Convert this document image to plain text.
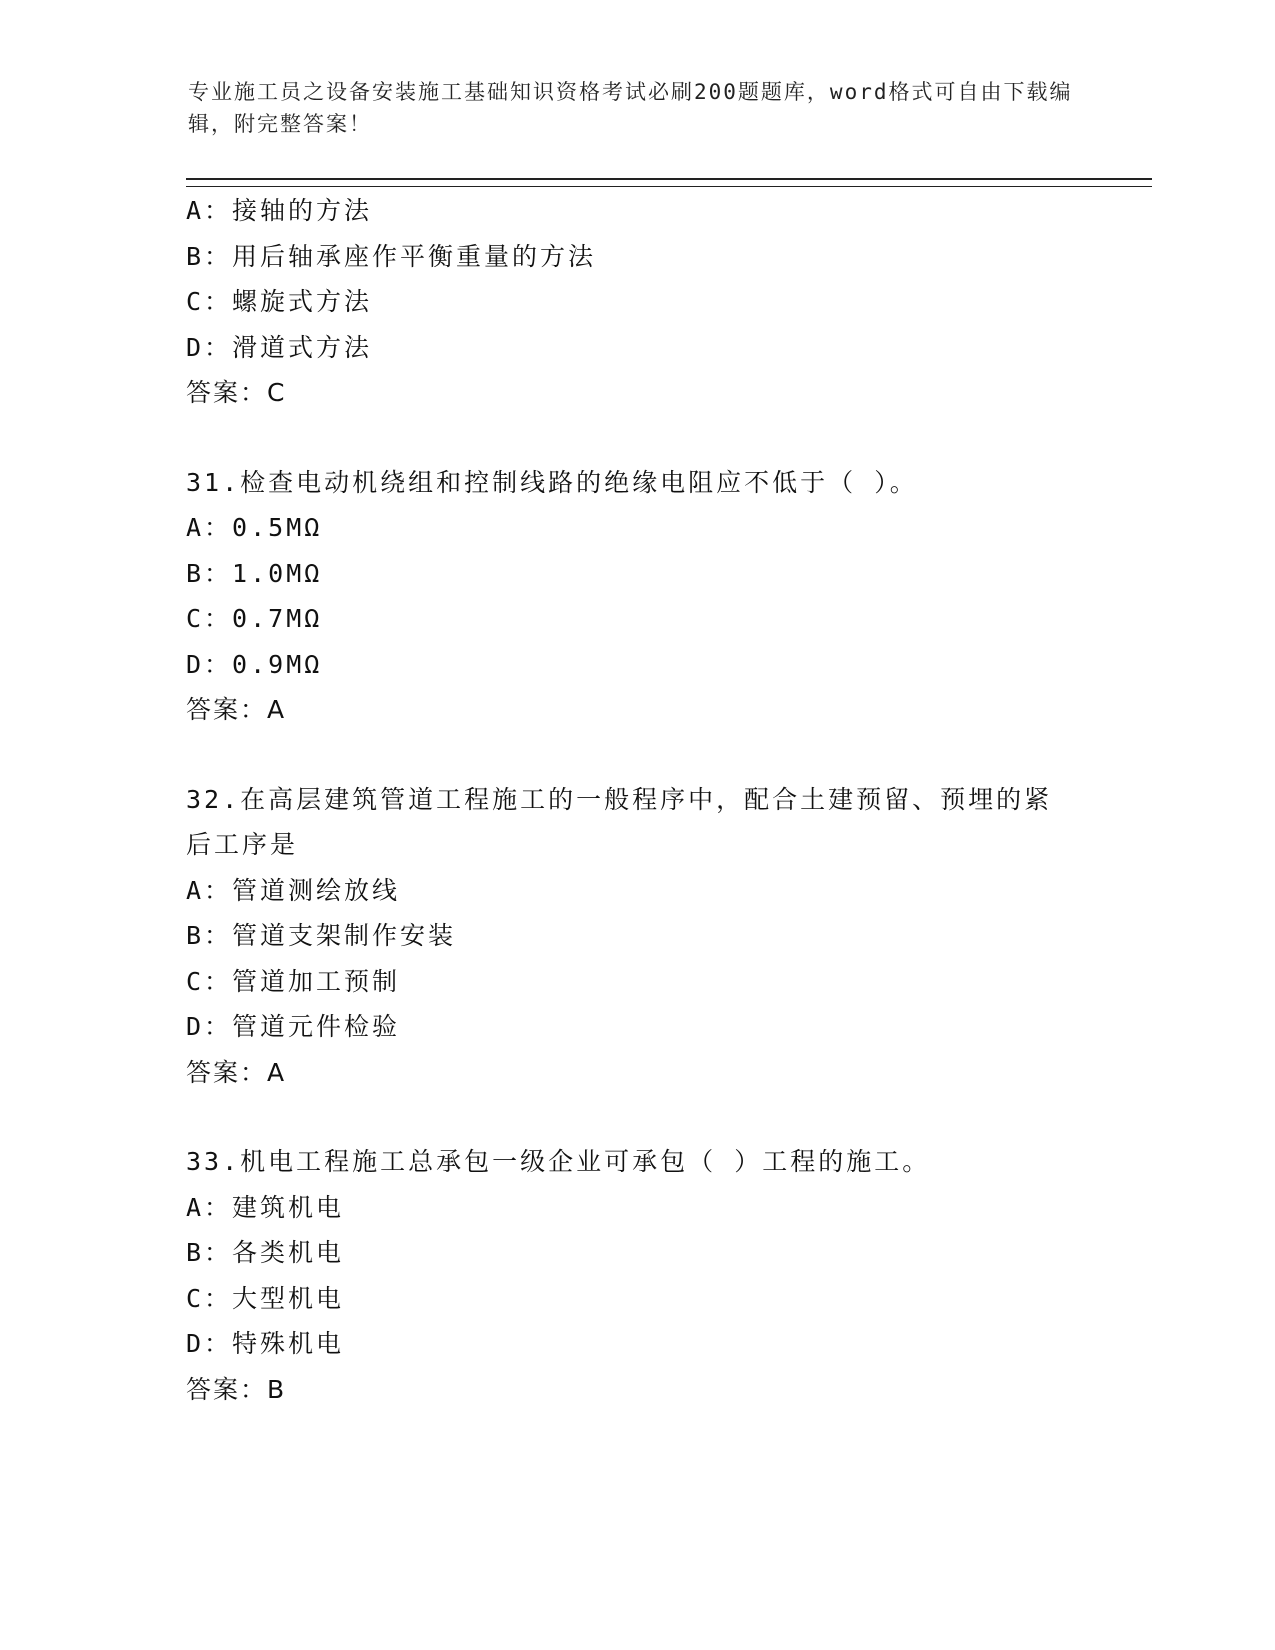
专业施工员之设备安装施工基础知识资格考试必刷200题题库，word格式可自由下载编辑，附完整答案！
A：接轴的方法
B：用后轴承座作平衡重量的方法
C：螺旋式方法
D：滑道式方法
答案：C
31.检查电动机绕组和控制线路的绝缘电阻应不低于（ ）。
A：0.5MΩ
B：1.0MΩ
C：0.7MΩ
D：0.9MΩ
答案：A
32.在高层建筑管道工程施工的一般程序中，配合土建预留、预埋的紧
后工序是
A：管道测绘放线
B：管道支架制作安装
C：管道加工预制
D：管道元件检验
答案：A
33.机电工程施工总承包一级企业可承包（ ）工程的施工。
A：建筑机电
B：各类机电
C：大型机电
D：特殊机电
答案：B
